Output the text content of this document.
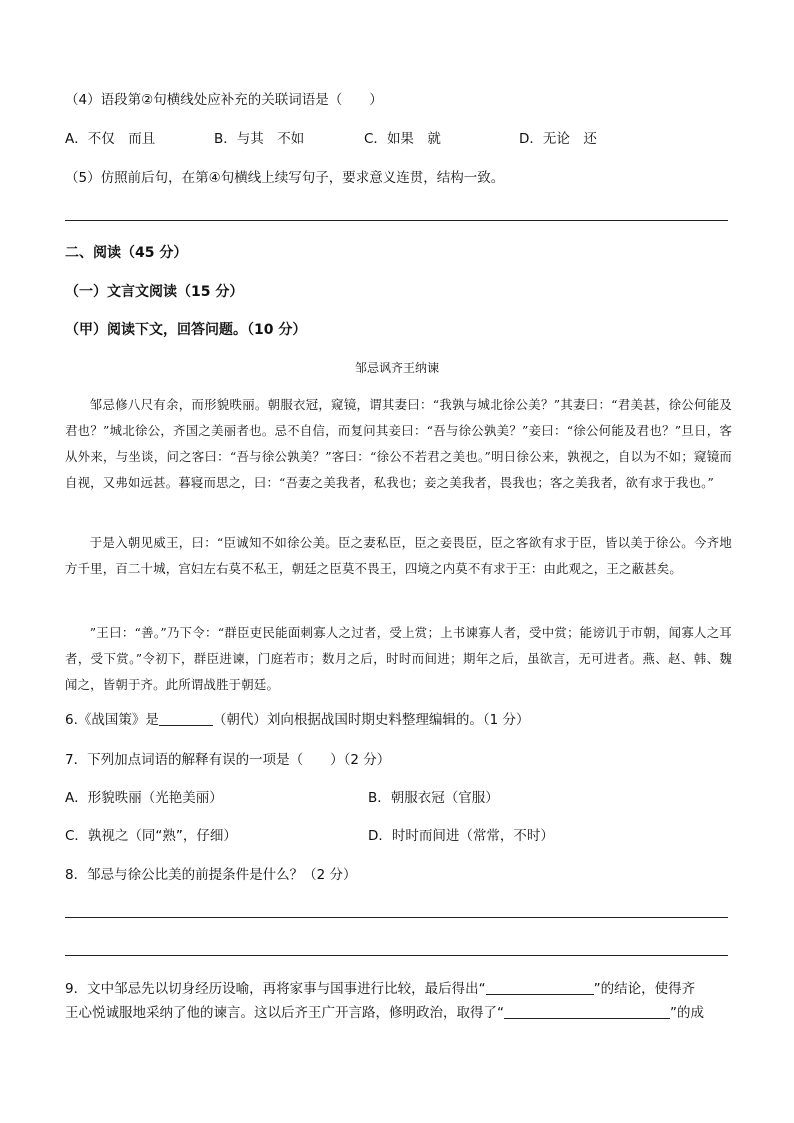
（4）语段第②句横线处应补充的关联词语是（　　）
A．不仅　而且	B．与其　不如	C．如果　就	D．无论　还
（5）仿照前后句，在第④句横线上续写句子，要求意义连贯，结构一致。
二、阅读（45 分）
（一）文言文阅读（15 分）
（甲）阅读下文，回答问题。（10 分）
邹忌讽齐王纳谏
邹忌修八尺有余，而形貌昳丽。朝服衣冠，窥镜，谓其妻曰：“我孰与城北徐公美？”其妻曰：“君美甚，徐公何能及君也？”城北徐公，齐国之美丽者也。忌不自信，而复问其妾曰：“吾与徐公孰美？”妾曰：“徐公何能及君也？”旦日，客从外来，与坐谈，问之客曰：“吾与徐公孰美？”客曰：“徐公不若君之美也。”明日徐公来，孰视之，自以为不如；窥镜而自视，又弗如远甚。暮寝而思之，曰：“吾妻之美我者，私我也；妾之美我者，畏我也；客之美我者，欲有求于我也。”
于是入朝见威王，曰：“臣诚知不如徐公美。臣之妻私臣，臣之妾畏臣，臣之客欲有求于臣，皆以美于徐公。今齐地方千里，百二十城，宫妇左右莫不私王，朝廷之臣莫不畏王，四境之内莫不有求于王：由此观之，王之蔽甚矣。
”王曰：“善。”乃下令：“群臣吏民能面刺寡人之过者，受上赏；上书谏寡人者，受中赏；能谤讥于市朝，闻寡人之耳者，受下赏。”令初下，群臣进谏，门庭若市；数月之后，时时而间进；期年之后，虽欲言，无可进者。燕、赵、韩、魏闻之，皆朝于齐。此所谓战胜于朝廷。
6.《战国策》是	（朝代）刘向根据战国时期史料整理编辑的。（1 分）
7．下列加点词语的解释有误的一项是（　　）（2 分）
A．形貌昳丽（光艳美丽）	B．朝服衣冠（官服）
C．孰视之（同“熟”，仔细）	D．时时而间进（常常，不时）
8．邹忌与徐公比美的前提条件是什么？（2 分）
9．文中邹忌先以切身经历设喻，再将家事与国事进行比较，最后得出“	”的结论，使得齐
王心悦诚服地采纳了他的谏言。这以后齐王广开言路，修明政治，取得了“	”的成
